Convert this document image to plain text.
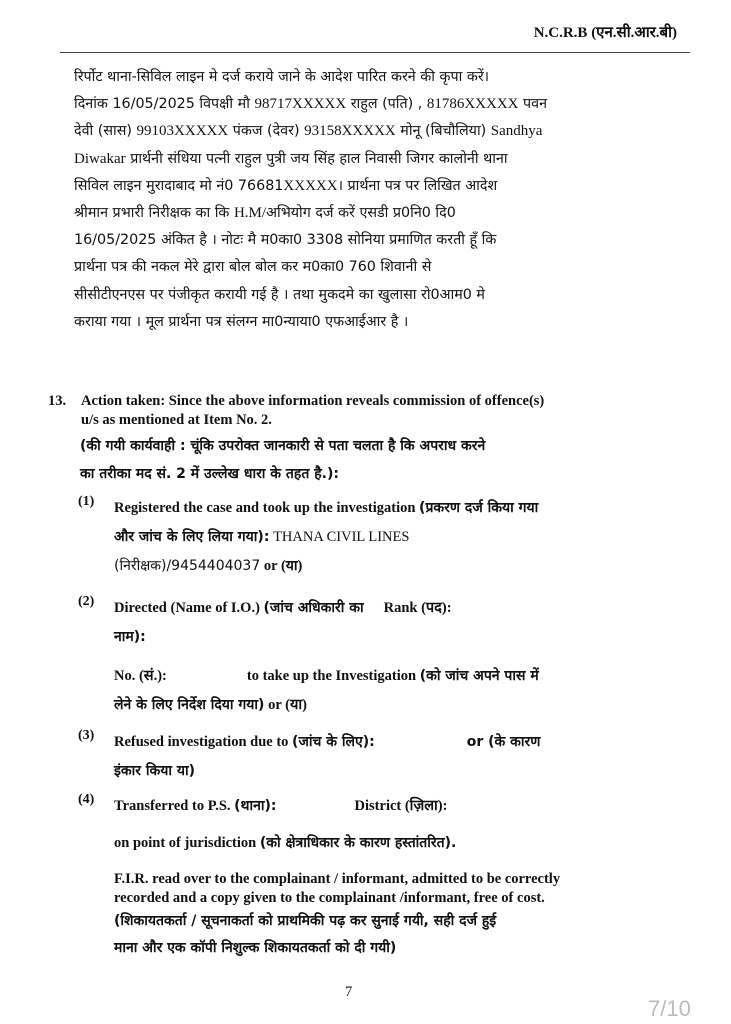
N.C.R.B (एन.सी.आर.बी)
रिर्पोट थाना-सिविल लाइन मे दर्ज कराये जाने के आदेश पारित करने की कृपा करें।
दिनांक 16/05/2025 विपक्षी मौ 98717XXXXX राहुल (पति) , 81786XXXXX पवन
देवी (सास) 99103XXXXX पंकज (देवर) 93158XXXXX मोनू (बिचौलिया) Sandhya
Diwakar प्रार्थनी संधिया पत्नी राहुल पुत्री जय सिंह हाल निवासी जिगर कालोनी थाना
सिविल लाइन मुरादाबाद मो नं0 76681XXXXX। प्रार्थना पत्र पर लिखित आदेश
श्रीमान प्रभारी निरीक्षक का कि H.M/अभियोग दर्ज करें एसडी प्र0नि0 दि0
16/05/2025 अंकित है । नोटः मै म0का0 3308 सोनिया प्रमाणित करती हूँ कि
प्रार्थना पत्र की नकल मेरे द्वारा बोल बोल कर म0का0 760 शिवानी से
सीसीटीएनएस पर पंजीकृत करायी गई है । तथा मुकदमे का खुलासा रो0आम0 मे
कराया गया । मूल प्रार्थना पत्र संलग्न मा0न्याया0 एफआईआर है ।
13. Action taken: Since the above information reveals commission of offence(s)
u/s as mentioned at Item No. 2.
(की गयी कार्यवाही : चूंकि उपरोक्त जानकारी से पता चलता है कि अपराध करने
का तरीका मद सं. 2 में उल्लेख धारा के तहत है.):
(1) Registered the case and took up the investigation (प्रकरण दर्ज किया गया
और जांच के लिए लिया गया): THANA CIVIL LINES
(निरीक्षक)/9454404037 or (या)
(2) Directed (Name of I.O.) (जांच अधिकारी का Rank (पद):
नाम):
No. (सं.):	to take up the Investigation (को जांच अपने पास में
लेने के लिए निर्देश दिया गया) or (या)
(3) Refused investigation due to (जांच के लिए):	or (के कारण
इंकार किया या)
(4) Transferred to P.S. (थाना):	District (ज़िला):
on point of jurisdiction (को क्षेत्राधिकार के कारण हस्तांतरित).
F.I.R. read over to the complainant / informant, admitted to be correctly
recorded and a copy given to the complainant /informant, free of cost.
(शिकायतकर्ता / सूचनाकर्ता को प्राथमिकी पढ़ कर सुनाई गयी, सही दर्ज हुई
माना और एक कॉपी निशुल्क शिकायतकर्ता को दी गयी)
7
7/10
